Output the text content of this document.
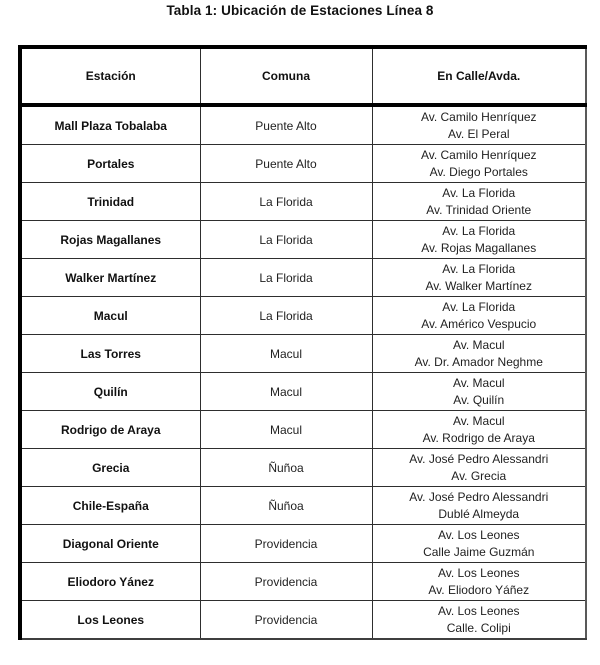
Tabla 1: Ubicación de Estaciones Línea 8
Estación	Comuna	En Calle/Avda.
Mall Plaza Tobalaba	Puente Alto	Av. Camilo Henríquez
Av. El Peral

Portales	Puente Alto	Av. Camilo Henríquez
Av. Diego Portales

Trinidad	La Florida	Av. La Florida
Av. Trinidad Oriente

Rojas Magallanes	La Florida	Av. La Florida
Av. Rojas Magallanes

Walker Martínez	La Florida	Av. La Florida
Av. Walker Martínez

Macul	La Florida	Av. La Florida
Av. Américo Vespucio

Las Torres	Macul	Av. Macul
Av. Dr. Amador Neghme

Quilín	Macul	Av. Macul
Av. Quilín

Rodrigo de Araya	Macul	Av. Macul
Av. Rodrigo de Araya

Grecia	Ñuñoa	Av. José Pedro Alessandri
Av. Grecia

Chile-España	Ñuñoa	Av. José Pedro Alessandri
Dublé Almeyda

Diagonal Oriente	Providencia	Av. Los Leones
Calle Jaime Guzmán

Eliodoro Yánez	Providencia	Av. Los Leones
Av. Eliodoro Yáñez

Los Leones	Providencia	Av. Los Leones
Calle. Colipi
